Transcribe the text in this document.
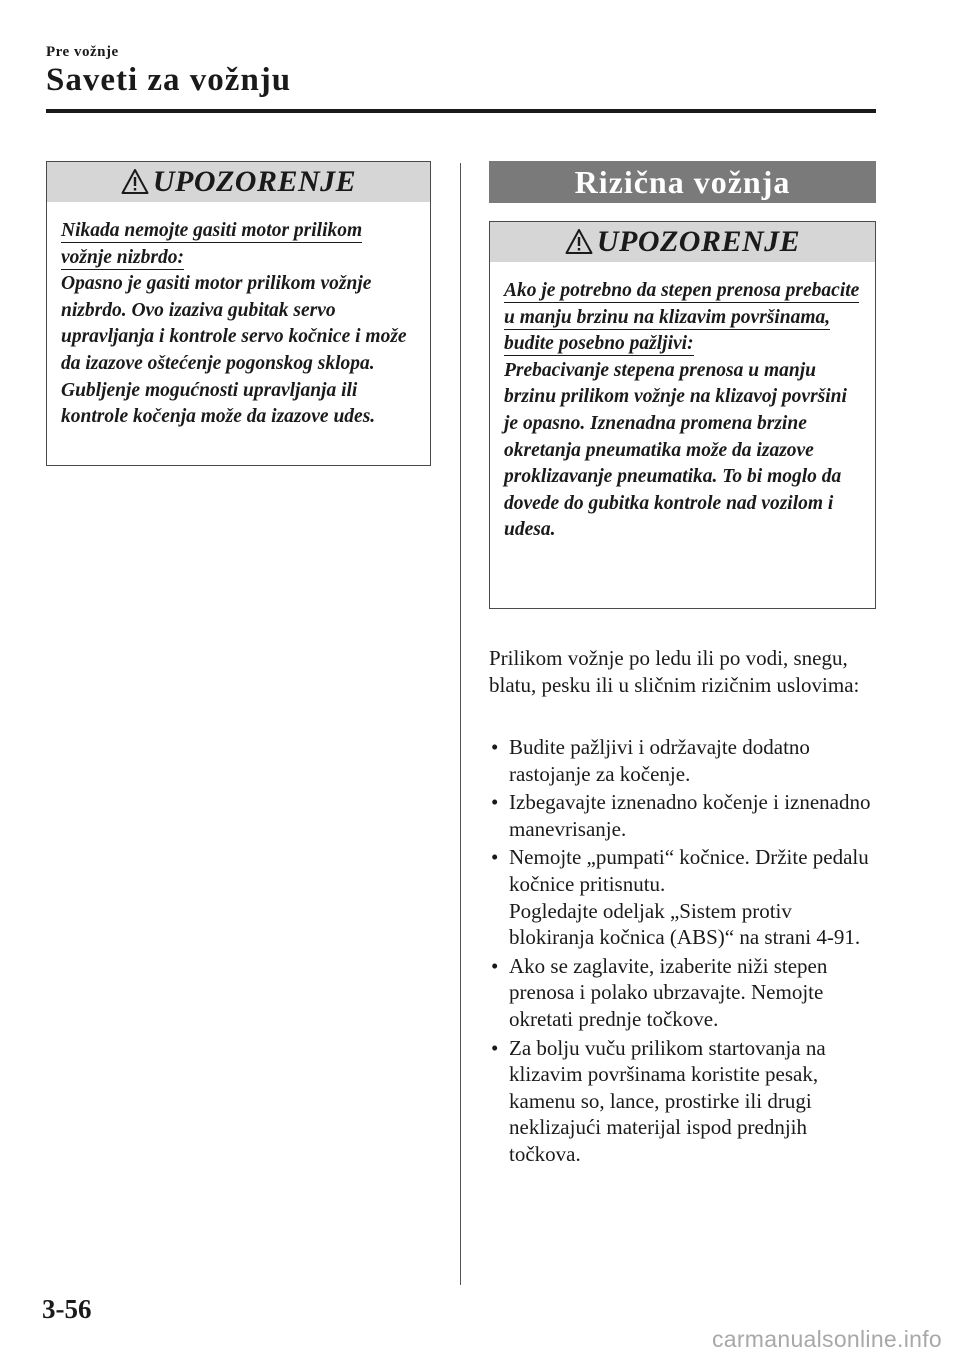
Pre vožnje
Saveti za vožnju
UPOZORENJE
Nikada nemojte gasiti motor prilikom vožnje nizbrdo:
Opasno je gasiti motor prilikom vožnje nizbrdo. Ovo izaziva gubitak servo upravljanja i kontrole servo kočnice i može da izazove oštećenje pogonskog sklopa. Gubljenje mogućnosti upravljanja ili kontrole kočenja može da izazove udes.
Rizična vožnja
UPOZORENJE
Ako je potrebno da stepen prenosa prebacite u manju brzinu na klizavim površinama, budite posebno pažljivi:
Prebacivanje stepena prenosa u manju brzinu prilikom vožnje na klizavoj površini je opasno. Iznenadna promena brzine okretanja pneumatika može da izazove proklizavanje pneumatika. To bi moglo da dovede do gubitka kontrole nad vozilom i udesa.

Prilikom vožnje po ledu ili po vodi, snegu, blatu, pesku ili u sličnim rizičnim uslovima:

• Budite pažljivi i održavajte dodatno rastojanje za kočenje.
• Izbegavajte iznenadno kočenje i iznenadno manevrisanje.
• Nemojte „pumpati“ kočnice. Držite pedalu kočnice pritisnutu.
Pogledajte odeljak „Sistem protiv blokiranja kočnica (ABS)“ na strani 4-91.
• Ako se zaglavite, izaberite niži stepen prenosa i polako ubrzavajte. Nemojte okretati prednje točkove.
• Za bolju vuču prilikom startovanja na klizavim površinama koristite pesak, kamenu so, lance, prostirke ili drugi neklizajući materijal ispod prednjih točkova.
3-56
carmanualsonline.info
